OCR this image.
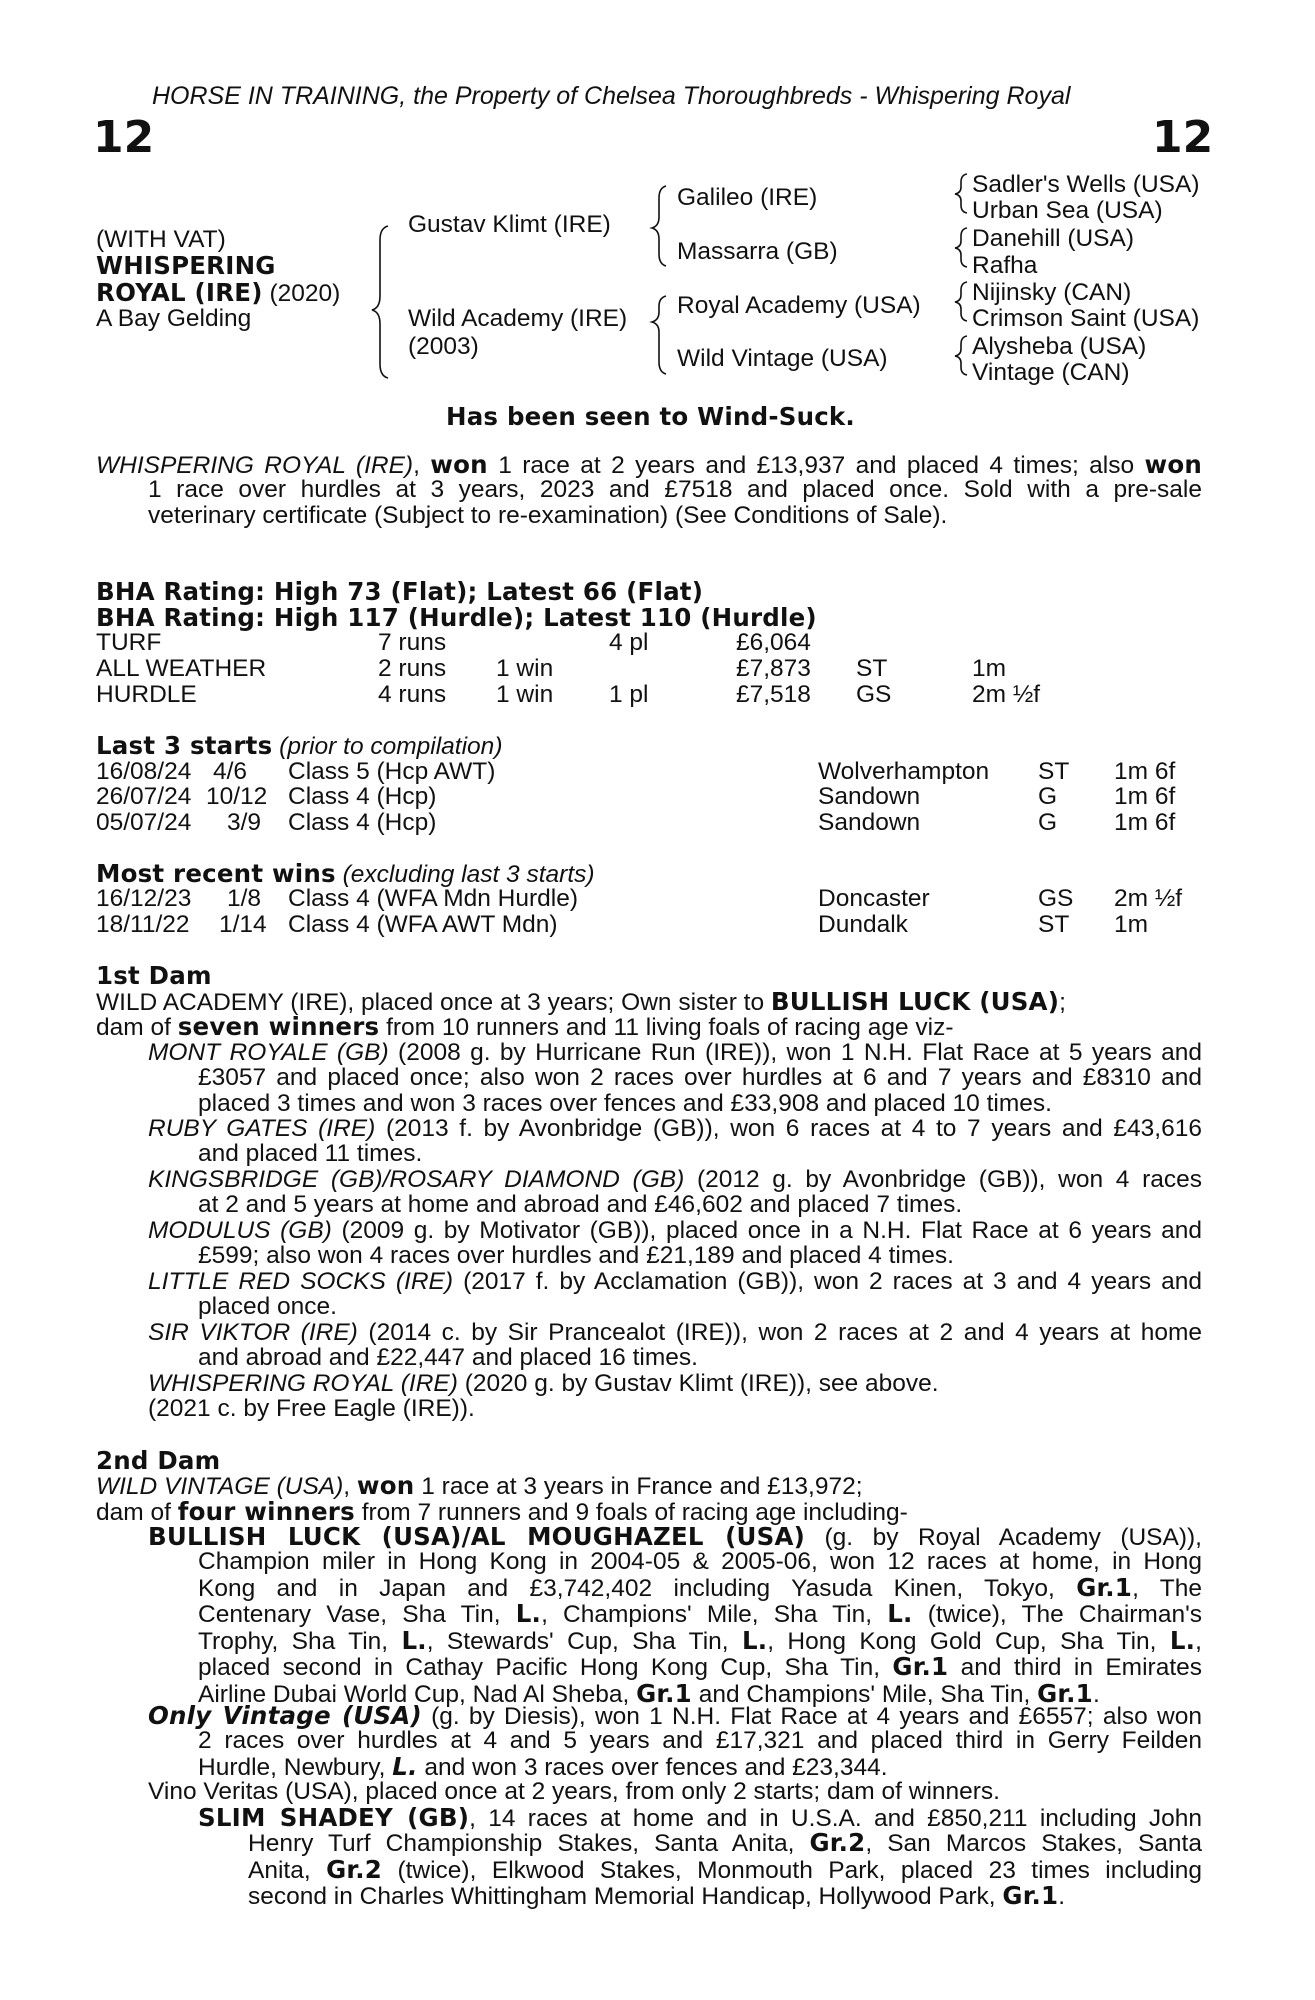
HORSE IN TRAINING, the Property of Chelsea Thoroughbreds - Whispering Royal
12	12
(WITH VAT)
WHISPERING
ROYAL (IRE) (2020)
A Bay Gelding
Gustav Klimt (IRE)
Wild Academy (IRE)
(2003)
Galileo (IRE)
Massarra (GB)
Royal Academy (USA)
Wild Vintage (USA)
Sadler's Wells (USA)
Urban Sea (USA)
Danehill (USA)
Rafha
Nijinsky (CAN)
Crimson Saint (USA)
Alysheba (USA)
Vintage (CAN)
Has been seen to Wind-Suck.
WHISPERING ROYAL (IRE), won 1 race at 2 years and £13,937 and placed 4 times; also won
1 race over hurdles at 3 years, 2023 and £7518 and placed once. Sold with a pre-sale
veterinary certificate (Subject to re-examination) (See Conditions of Sale).
BHA Rating: High 73 (Flat); Latest 66 (Flat)
BHA Rating: High 117 (Hurdle); Latest 110 (Hurdle)
TURF	7 runs	4 pl	£6,064
ALL WEATHER	2 runs 1 win	£7,873 ST	1m
HURDLE	4 runs 1 win 1 pl	£7,518 GS	2m ½f
Last 3 starts (prior to compilation)
16/08/24 4/6 Class 5 (Hcp AWT)	Wolverhampton ST 1m 6f
26/07/24 10/12 Class 4 (Hcp)	Sandown	G 1m 6f
05/07/24 3/9 Class 4 (Hcp)	Sandown	G 1m 6f
Most recent wins (excluding last 3 starts)
16/12/23 1/8 Class 4 (WFA Mdn Hurdle)	Doncaster	GS 2m ½f
18/11/22 1/14 Class 4 (WFA AWT Mdn)	Dundalk	ST 1m
1st Dam
WILD ACADEMY (IRE), placed once at 3 years; Own sister to BULLISH LUCK (USA);
dam of seven winners from 10 runners and 11 living foals of racing age viz-
MONT ROYALE (GB) (2008 g. by Hurricane Run (IRE)), won 1 N.H. Flat Race at 5 years and
£3057 and placed once; also won 2 races over hurdles at 6 and 7 years and £8310 and
placed 3 times and won 3 races over fences and £33,908 and placed 10 times.
RUBY GATES (IRE) (2013 f. by Avonbridge (GB)), won 6 races at 4 to 7 years and £43,616
and placed 11 times.
KINGSBRIDGE (GB)/ROSARY DIAMOND (GB) (2012 g. by Avonbridge (GB)), won 4 races
at 2 and 5 years at home and abroad and £46,602 and placed 7 times.
MODULUS (GB) (2009 g. by Motivator (GB)), placed once in a N.H. Flat Race at 6 years and
£599; also won 4 races over hurdles and £21,189 and placed 4 times.
LITTLE RED SOCKS (IRE) (2017 f. by Acclamation (GB)), won 2 races at 3 and 4 years and
placed once.
SIR VIKTOR (IRE) (2014 c. by Sir Prancealot (IRE)), won 2 races at 2 and 4 years at home
and abroad and £22,447 and placed 16 times.
WHISPERING ROYAL (IRE) (2020 g. by Gustav Klimt (IRE)), see above.
(2021 c. by Free Eagle (IRE)).
2nd Dam
WILD VINTAGE (USA), won 1 race at 3 years in France and £13,972;
dam of four winners from 7 runners and 9 foals of racing age including-
BULLISH LUCK (USA)/AL MOUGHAZEL (USA) (g. by Royal Academy (USA)),
Champion miler in Hong Kong in 2004-05 & 2005-06, won 12 races at home, in Hong
Kong and in Japan and £3,742,402 including Yasuda Kinen, Tokyo, Gr.1, The
Centenary Vase, Sha Tin, L., Champions' Mile, Sha Tin, L. (twice), The Chairman's
Trophy, Sha Tin, L., Stewards' Cup, Sha Tin, L., Hong Kong Gold Cup, Sha Tin, L.,
placed second in Cathay Pacific Hong Kong Cup, Sha Tin, Gr.1 and third in Emirates
Airline Dubai World Cup, Nad Al Sheba, Gr.1 and Champions' Mile, Sha Tin, Gr.1.
Only Vintage (USA) (g. by Diesis), won 1 N.H. Flat Race at 4 years and £6557; also won
2 races over hurdles at 4 and 5 years and £17,321 and placed third in Gerry Feilden
Hurdle, Newbury, L. and won 3 races over fences and £23,344.
Vino Veritas (USA), placed once at 2 years, from only 2 starts; dam of winners.
SLIM SHADEY (GB), 14 races at home and in U.S.A. and £850,211 including John
Henry Turf Championship Stakes, Santa Anita, Gr.2, San Marcos Stakes, Santa
Anita, Gr.2 (twice), Elkwood Stakes, Monmouth Park, placed 23 times including
second in Charles Whittingham Memorial Handicap, Hollywood Park, Gr.1.
